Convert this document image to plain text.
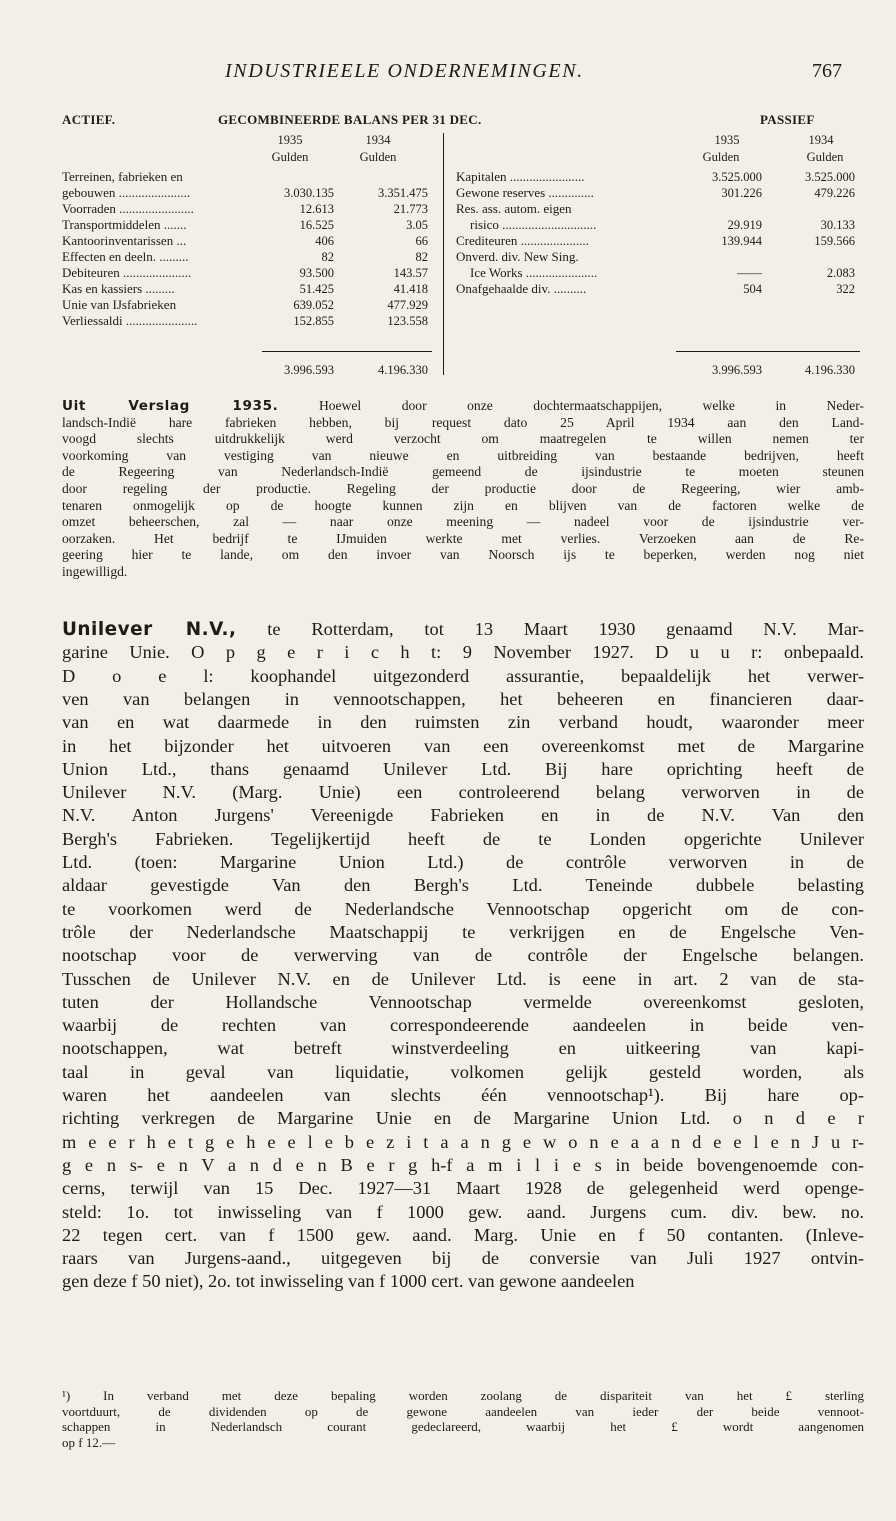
INDUSTRIEELE ONDERNEMINGEN.	767
ACTIEF.	GECOMBINEERDE BALANS PER 31 DEC.	PASSIEF
1935	1934
Gulden	Gulden
1935	1934
Gulden	Gulden
Terreinen, fabrieken en
gebouwen ......................	3.030.135	3.351.475
Voorraden .......................	12.613	21.773
Transportmiddelen .......	16.525	3.05
Kantoorinventarissen ...	406	66
Effecten en deeln. .........	82	82
Debiteuren .....................	93.500	143.57
Kas en kassiers .........	51.425	41.418
Unie van IJsfabrieken	639.052	477.929
Verliessaldi ......................	152.855	123.558
3.996.593	4.196.330
Kapitalen .......................	3.525.000	3.525.000
Gewone reserves ..............	301.226	479.226
Res. ass. autom. eigen
risico .............................	29.919	30.133
Crediteuren .....................	139.944	159.566
Onverd. div. New Sing.
Ice Works ......................	——	2.083
Onafgehaalde div. ..........	504	322
3.996.593	4.196.330
Uit Verslag 1935.	Hoewel door onze dochtermaatschappijen, welke in Neder-
landsch-Indië hare fabrieken hebben, bij request dato 25 April 1934 aan den Land-
voogd slechts uitdrukkelijk werd verzocht om maatregelen te willen nemen ter
voorkoming van vestiging van nieuwe en uitbreiding van bestaande bedrijven, heeft
de Regeering van Nederlandsch-Indië gemeend de ijsindustrie te moeten steunen
door regeling der productie. Regeling der productie door de Regeering, wier amb-
tenaren onmogelijk op de hoogte kunnen zijn en blijven van de factoren welke de
omzet beheerschen, zal — naar onze meening — nadeel voor de ijsindustrie ver-
oorzaken. Het bedrijf te IJmuiden werkte met verlies. Verzoeken aan de Re-
geering hier te lande, om den invoer van Noorsch ijs te beperken, werden nog niet
ingewilligd.
Unilever N.V., te Rotterdam, tot 13 Maart 1930 genaamd N.V. Mar-
garine Unie. O p g e r i c h t: 9 November 1927. D u u r: onbepaald.
D o e l: koophandel uitgezonderd assurantie, bepaaldelijk het verwer-
ven van belangen in vennootschappen, het beheeren en financieren daar-
van en wat daarmede in den ruimsten zin verband houdt, waaronder meer
in het bijzonder het uitvoeren van een overeenkomst met de Margarine
Union Ltd., thans genaamd Unilever Ltd. Bij hare oprichting heeft de
Unilever N.V. (Marg. Unie) een controleerend belang verworven in de
N.V. Anton Jurgens' Vereenigde Fabrieken en in de N.V. Van den
Bergh's Fabrieken. Tegelijkertijd heeft de te Londen opgerichte Unilever
Ltd. (toen: Margarine Union Ltd.) de contrôle verworven in de
aldaar gevestigde Van den Bergh's Ltd. Teneinde dubbele belasting
te voorkomen werd de Nederlandsche Vennootschap opgericht om de con-
trôle der Nederlandsche Maatschappij te verkrijgen en de Engelsche Ven-
nootschap voor de verwerving van de contrôle der Engelsche belangen.
Tusschen de Unilever N.V. en de Unilever Ltd. is eene in art. 2 van de sta-
tuten der Hollandsche Vennootschap vermelde overeenkomst gesloten,
waarbij de rechten van correspondeerende aandeelen in beide ven-
nootschappen, wat betreft winstverdeeling en uitkeering van kapi-
taal in geval van liquidatie, volkomen gelijk gesteld worden, als
waren het aandeelen van slechts één vennootschap¹). Bij hare op-
richting verkregen de Margarine Unie en de Margarine Union Ltd. o n d e r
m e e r h e t g e h e e l e b e z i t a a n g e w o n e a a n d e e l e n J u r-
g e n s- e n V a n d e n B e r g h-f a m i l i e s in beide bovengenoemde con-
cerns, terwijl van 15 Dec. 1927—31 Maart 1928 de gelegenheid werd openge-
steld: 1o. tot inwisseling van f 1000 gew. aand. Jurgens cum. div. bew. no.
22 tegen cert. van f 1500 gew. aand. Marg. Unie en f 50 contanten. (Inleve-
raars van Jurgens-aand., uitgegeven bij de conversie van Juli 1927 ontvin-
gen deze f 50 niet), 2o. tot inwisseling van f 1000 cert. van gewone aandeelen
¹) In verband met deze bepaling worden zoolang de dispariteit van het £ sterling
voortduurt, de dividenden op de gewone aandeelen van ieder der beide vennoot-
schappen in Nederlandsch courant gedeclareerd, waarbij het £ wordt aangenomen
op f 12.—
